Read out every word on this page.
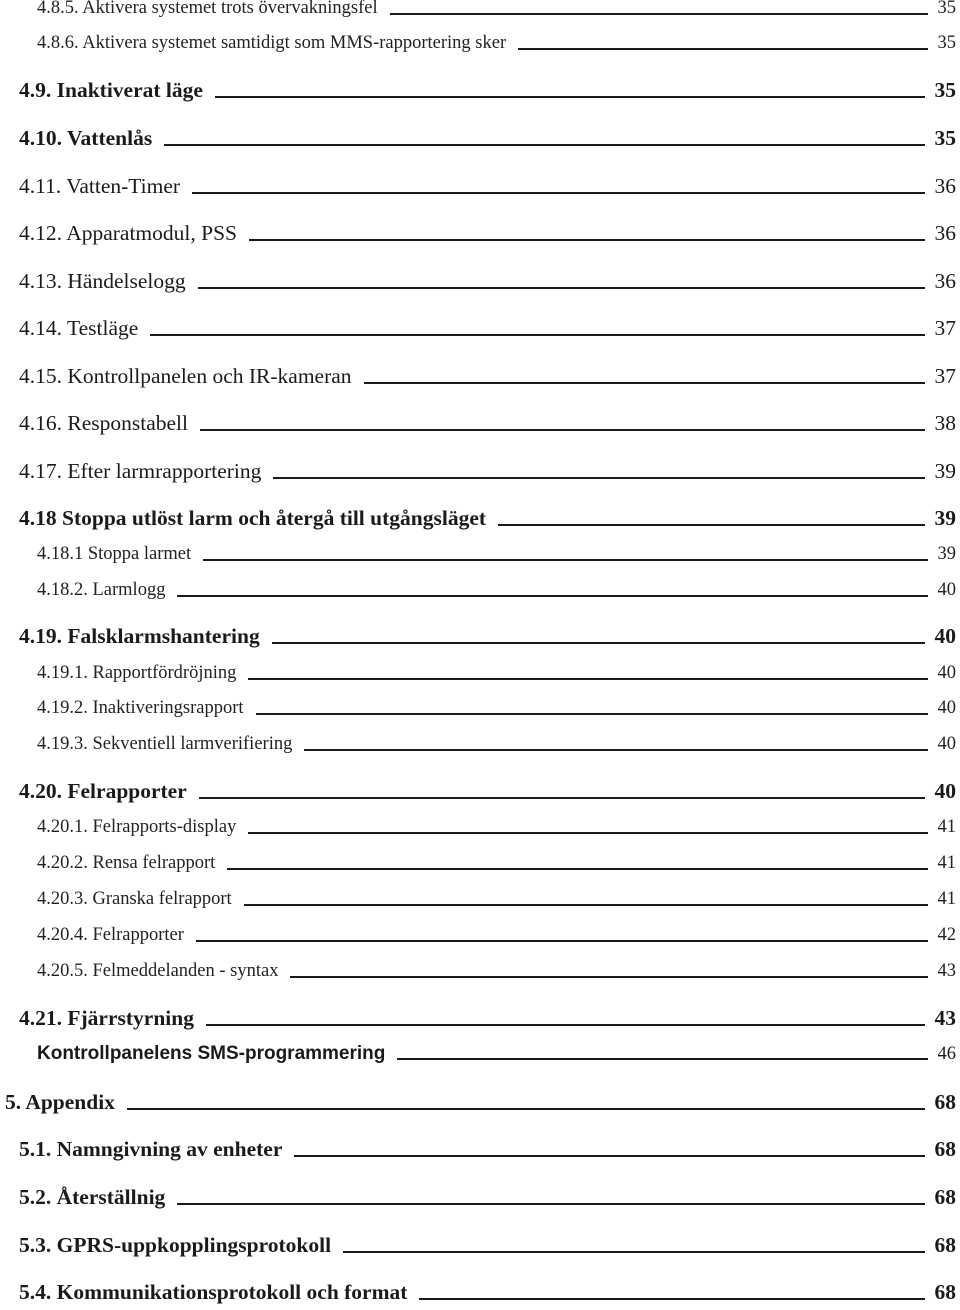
4.8.5. Aktivera systemet trots övervakningsfel	35
4.8.6. Aktivera systemet samtidigt som MMS-rapportering sker	35
4.9. Inaktiverat läge	35
4.10. Vattenlås	35
4.11. Vatten-Timer	36
4.12. Apparatmodul, PSS	36
4.13. Händelselogg	36
4.14. Testläge	37
4.15. Kontrollpanelen och IR-kameran	37
4.16. Responstabell	38
4.17. Efter larmrapportering	39
4.18 Stoppa utlöst larm och återgå till utgångsläget	39
4.18.1 Stoppa larmet	39
4.18.2. Larmlogg	40
4.19. Falsklarmshantering	40
4.19.1. Rapportfördröjning	40
4.19.2. Inaktiveringsrapport	40
4.19.3. Sekventiell larmverifiering	40
4.20. Felrapporter	40
4.20.1. Felrapports-display	41
4.20.2. Rensa felrapport	41
4.20.3. Granska felrapport	41
4.20.4. Felrapporter	42
4.20.5. Felmeddelanden - syntax	43
4.21. Fjärrstyrning	43
Kontrollpanelens SMS-programmering	46
5. Appendix	68
5.1. Namngivning av enheter	68
5.2. Återställnig	68
5.3. GPRS-uppkopplingsprotokoll	68
5.4. Kommunikationsprotokoll och format	68
